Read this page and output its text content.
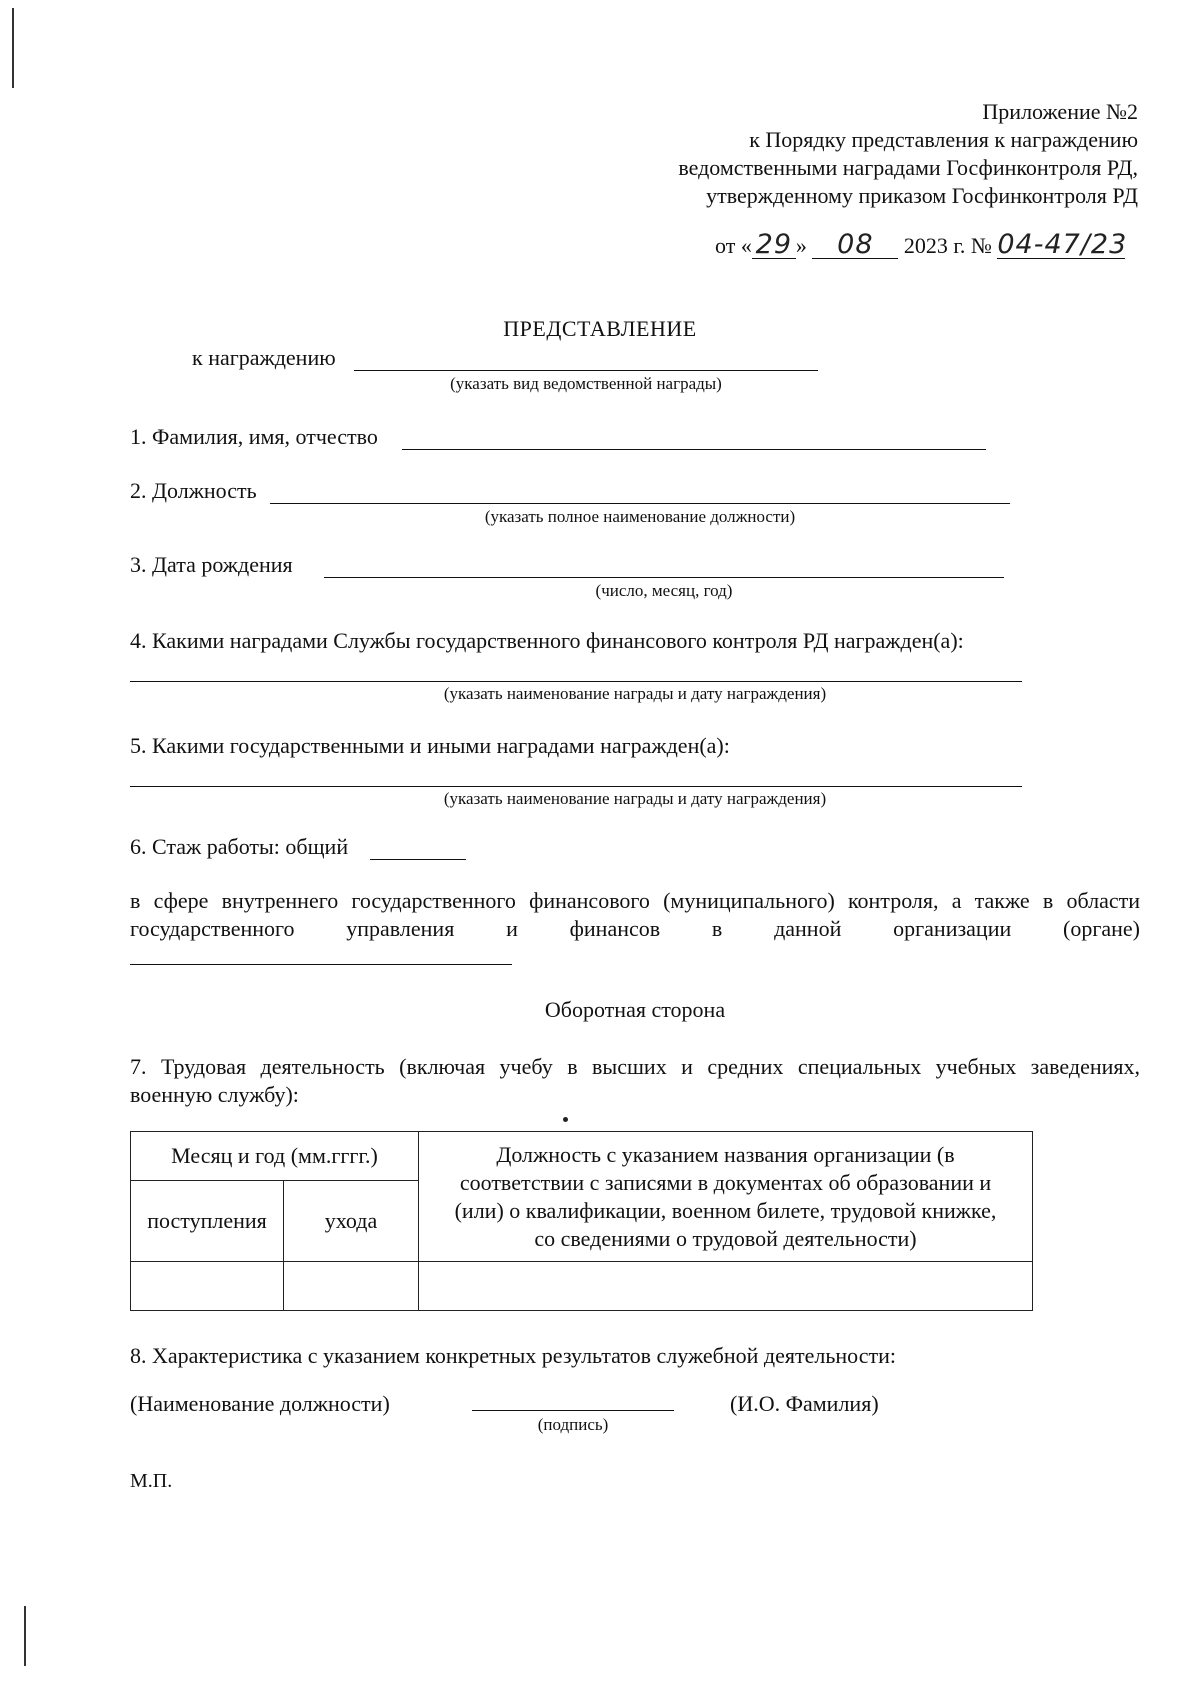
Приложение №2
к Порядку представления к награждению
ведомственными наградами Госфинконтроля РД,
утвержденному приказом Госфинконтроля РД
от « 29 » 08 2023 г. № 04-47/23
ПРЕДСТАВЛЕНИЕ
к награждению
(указать вид ведомственной награды)
1. Фамилия, имя, отчество
2. Должность
(указать полное наименование должности)
3. Дата рождения
(число, месяц, год)
4. Какими наградами Службы государственного финансового контроля РД награжден(а):
(указать наименование награды и дату награждения)
5. Какими государственными и иными наградами награжден(а):
(указать наименование награды и дату награждения)
6. Стаж работы: общий
в сфере внутреннего государственного финансового (муниципального) контроля, а также в области
государственного управления и финансов в данной организации (органе)
Оборотная сторона
7. Трудовая деятельность (включая учебу в высших и средних специальных учебных заведениях,
военную службу):
Месяц и год (мм.гггг.)		Должность с указанием названия организации (в
соответствии с записями в документах об образовании и
(или) о квалификации, военном билете, трудовой книжке,
со сведениями о трудовой деятельности)

поступления	ухода	

8. Характеристика с указанием конкретных результатов служебной деятельности:
(Наименование должности)
(подпись)
(И.О. Фамилия)
М.П.
